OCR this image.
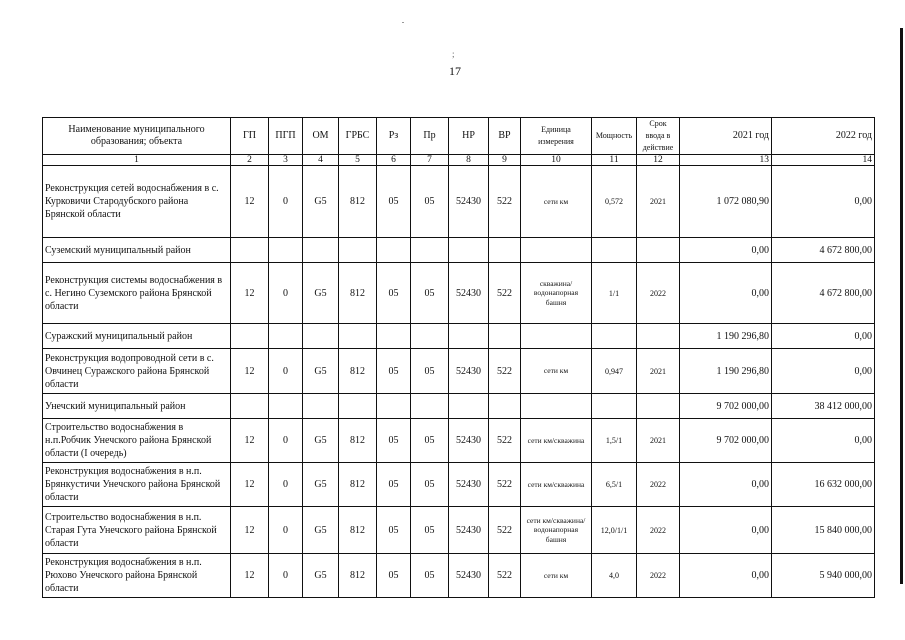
;
17
Наименование муниципального образования; объекта	ГП	ПГП	ОМ	ГРБС	Рз	Пр	НР	ВР	Единица измерения	Мощность	Срок ввода в действие	2021 год	2022 год
1	2	3	4	5	6	7	8	9	10	11	12	13	14
Реконструкция сетей водоснабжения в с. Курковичи Стародубского района Брянской области	12	0	G5	812	05	05	52430	522	сети км	0,572	2021	1 072 080,90	0,00
Суземский муниципальный район												0,00	4 672 800,00
Реконструкция системы водоснабжения в с. Негино Суземского района Брянской области	12	0	G5	812	05	05	52430	522	скважина/водонапорная башня	1/1	2022	0,00	4 672 800,00
Суражский муниципальный район												1 190 296,80	0,00
Реконструкция водопроводной сети в с. Овчинец Суражского района Брянской области	12	0	G5	812	05	05	52430	522	сети км	0,947	2021	1 190 296,80	0,00
Унечский муниципальный район												9 702 000,00	38 412 000,00
Строительство водоснабжения в н.п.Робчик Унечского района Брянской области (I очередь)	12	0	G5	812	05	05	52430	522	сети км/скважина	1,5/1	2021	9 702 000,00	0,00
Реконструкция водоснабжения в н.п. Брянкустичи Унечского района Брянской области	12	0	G5	812	05	05	52430	522	сети км/скважина	6,5/1	2022	0,00	16 632 000,00
Строительство водоснабжения в н.п. Старая Гута Унечского района Брянской области	12	0	G5	812	05	05	52430	522	сети км/скважина/водонапорная башня	12,0/1/1	2022	0,00	15 840 000,00
Реконструкция водоснабжения в н.п. Рюхово Унечского района Брянской области	12	0	G5	812	05	05	52430	522	сети км	4,0	2022	0,00	5 940 000,00
